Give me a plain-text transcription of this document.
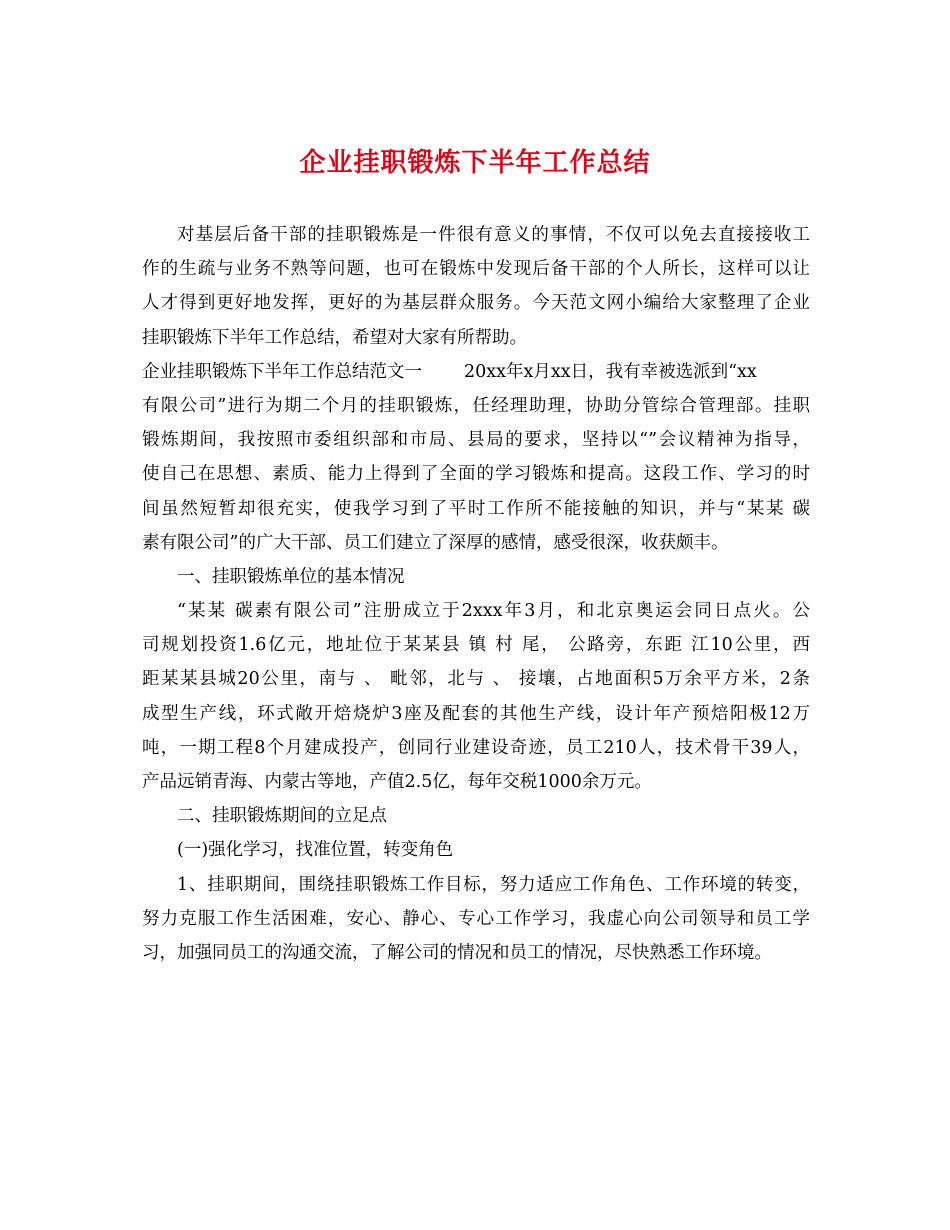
企业挂职锻炼下半年工作总结
对基层后备干部的挂职锻炼是一件很有意义的事情，不仅可以免去直接接收工
作的生疏与业务不熟等问题，也可在锻炼中发现后备干部的个人所长，这样可以让
人才得到更好地发挥，更好的为基层群众服务。今天范文网小编给大家整理了企业
挂职锻炼下半年工作总结，希望对大家有所帮助。
企业挂职锻炼下半年工作总结范文一 20xx年x月xx日，我有幸被选派到“xx
有限公司”进行为期二个月的挂职锻炼，任经理助理，协助分管综合管理部。挂职
锻炼期间，我按照市委组织部和市局、县局的要求，坚持以“”会议精神为指导，
使自己在思想、素质、能力上得到了全面的学习锻炼和提高。这段工作、学习的时
间虽然短暂却很充实，使我学习到了平时工作所不能接触的知识，并与“某某 碳
素有限公司”的广大干部、员工们建立了深厚的感情，感受很深，收获颇丰。
一、挂职锻炼单位的基本情况
“某某 碳素有限公司”注册成立于2xxx年3月，和北京奥运会同日点火。公
司规划投资1.6亿元，地址位于某某县 镇 村 尾， 公路旁，东距 江10公里，西
距某某县城20公里，南与 、 毗邻，北与 、 接壤，占地面积5万余平方米，2条
成型生产线，环式敞开焙烧炉3座及配套的其他生产线，设计年产预焙阳极12万
吨，一期工程8个月建成投产，创同行业建设奇迹，员工210人，技术骨干39人，
产品远销青海、内蒙古等地，产值2.5亿，每年交税1000余万元。
二、挂职锻炼期间的立足点
(一)强化学习，找准位置，转变角色
1、挂职期间，围绕挂职锻炼工作目标，努力适应工作角色、工作环境的转变，
努力克服工作生活困难，安心、静心、专心工作学习，我虚心向公司领导和员工学
习，加强同员工的沟通交流，了解公司的情况和员工的情况，尽快熟悉工作环境。
